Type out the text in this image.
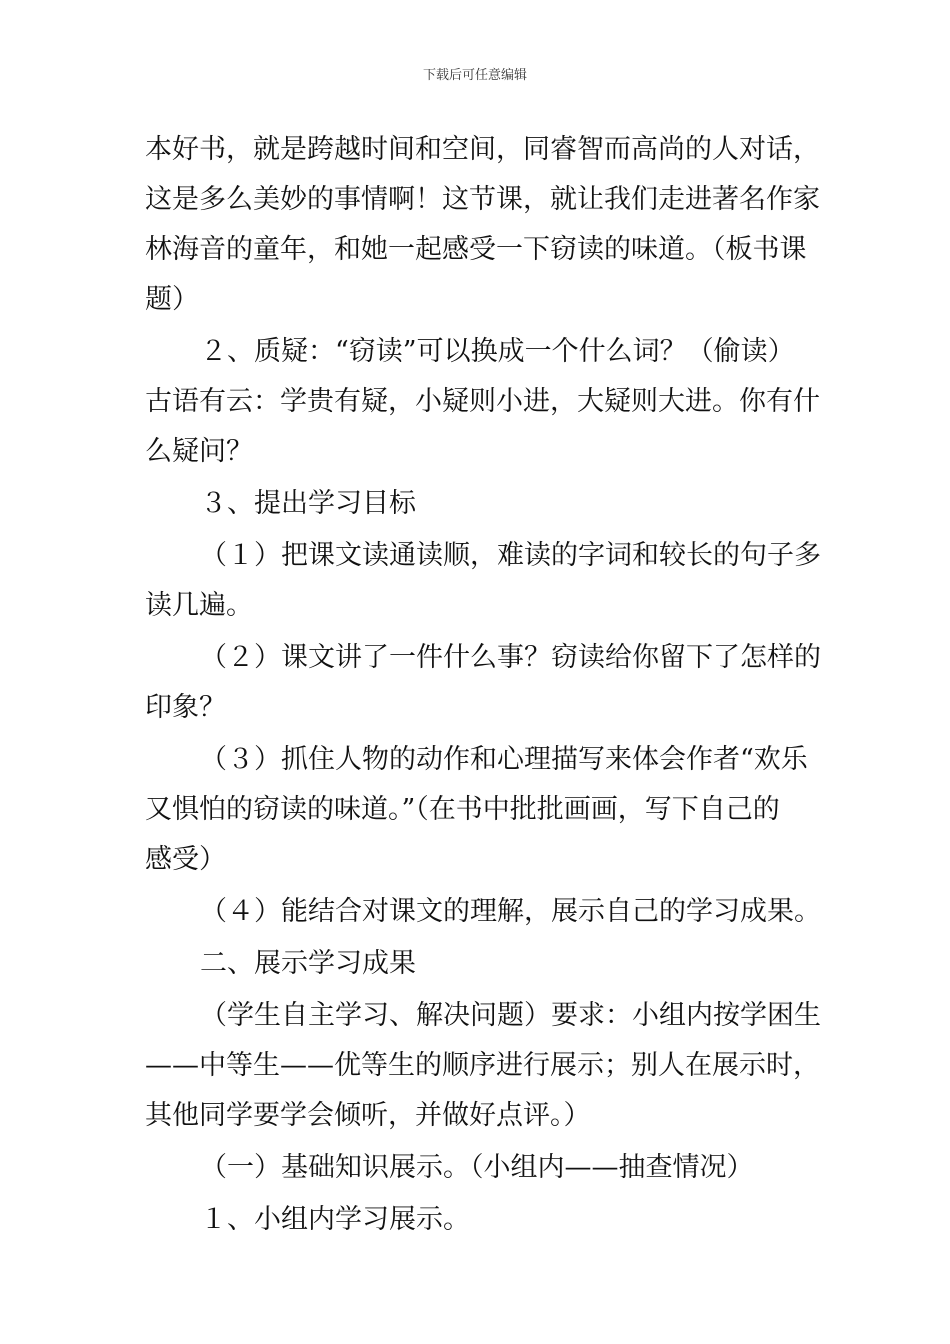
下载后可任意编辑

本好书，就是跨越时间和空间，同睿智而高尚的人对话，
这是多么美妙的事情啊！这节课，就让我们走进著名作家
林海音的童年，和她一起感受一下窃读的味道。（板书课
题）

２、质疑：“窃读”可以换成一个什么词？（偷读）
古语有云：学贵有疑，小疑则小进，大疑则大进。你有什
么疑问？

３、提出学习目标

（１）把课文读通读顺，难读的字词和较长的句子多
读几遍。

（２）课文讲了一件什么事？窃读给你留下了怎样的
印象？

（３）抓住人物的动作和心理描写来体会作者“欢乐
又惧怕的窃读的味道。”（在书中批批画画，写下自己的
感受）

（４）能结合对课文的理解，展示自己的学习成果。

二、展示学习成果

（学生自主学习、解决问题）要求：小组内按学困生
——中等生——优等生的顺序进行展示；别人在展示时，
其他同学要学会倾听，并做好点评。）

（一）基础知识展示。（小组内——抽查情况）

１、小组内学习展示。
